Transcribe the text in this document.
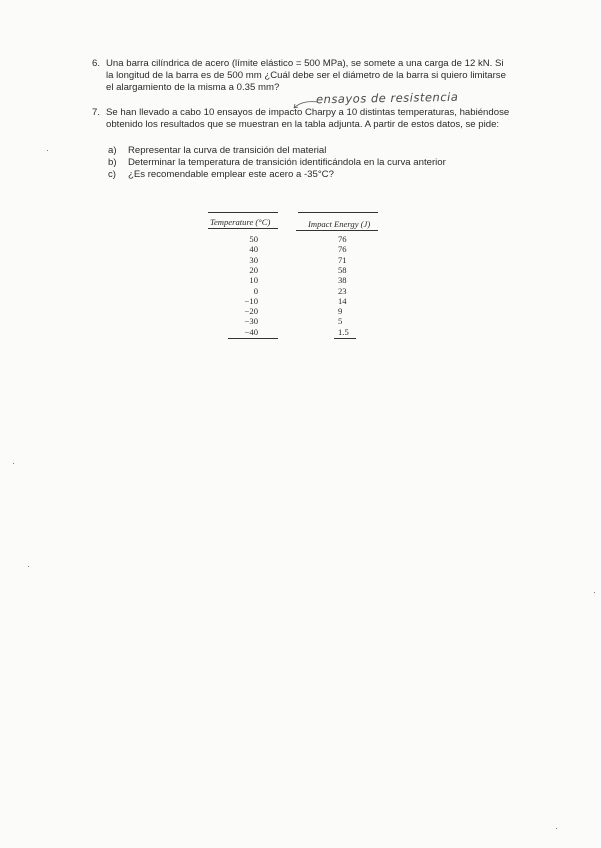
6. Una barra cilíndrica de acero (límite elástico = 500 MPa), se somete a una carga de 12 kN. Si
la longitud de la barra es de 500 mm ¿Cuál debe ser el diámetro de la barra si quiero limitarse
el alargamiento de la misma a 0.35 mm?
ensayos de resistencia
7. Se han llevado a cabo 10 ensayos de impacto Charpy a 10 distintas temperaturas, habiéndose
obtenido los resultados que se muestran en la tabla adjunta. A partir de estos datos, se pide:
a) Representar la curva de transición del material
b) Determinar la temperatura de transición identificándola en la curva anterior
c) ¿Es recomendable emplear este acero a -35°C?
Temperature (°C)	Impact Energy (J)
50	76
40	76
30	71
20	58
10	38
0	23
−10	14
−20	9
−30	5
−40	1.5
